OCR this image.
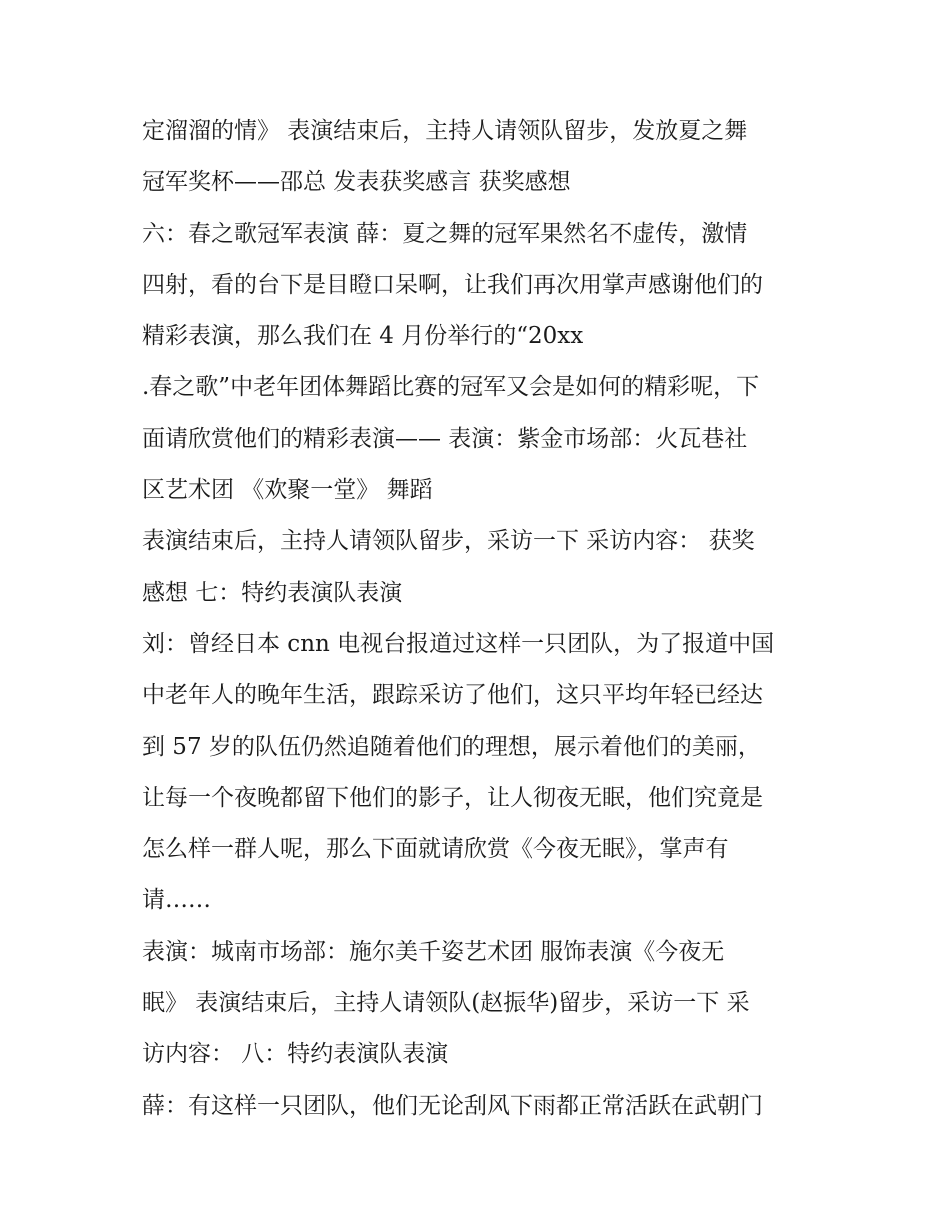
定溜溜的情》 表演结束后，主持人请领队留步，发放夏之舞
冠军奖杯——邵总 发表获奖感言 获奖感想
六：春之歌冠军表演 薛：夏之舞的冠军果然名不虚传，激情
四射，看的台下是目瞪口呆啊，让我们再次用掌声感谢他们的
精彩表演，那么我们在 4 月份举行的“20xx
.春之歌”中老年团体舞蹈比赛的冠军又会是如何的精彩呢，下
面请欣赏他们的精彩表演—— 表演：紫金市场部：火瓦巷社
区艺术团 《欢聚一堂》 舞蹈
表演结束后，主持人请领队留步，采访一下 采访内容： 获奖
感想 七：特约表演队表演
刘：曾经日本 cnn 电视台报道过这样一只团队，为了报道中国
中老年人的晚年生活，跟踪采访了他们，这只平均年轻已经达
到 57 岁的队伍仍然追随着他们的理想，展示着他们的美丽，
让每一个夜晚都留下他们的影子，让人彻夜无眠，他们究竟是
怎么样一群人呢，那么下面就请欣赏《今夜无眠》，掌声有
请……
表演：城南市场部：施尔美千姿艺术团 服饰表演《今夜无
眠》 表演结束后，主持人请领队(赵振华)留步，采访一下 采
访内容： 八：特约表演队表演
薛：有这样一只团队，他们无论刮风下雨都正常活跃在武朝门
